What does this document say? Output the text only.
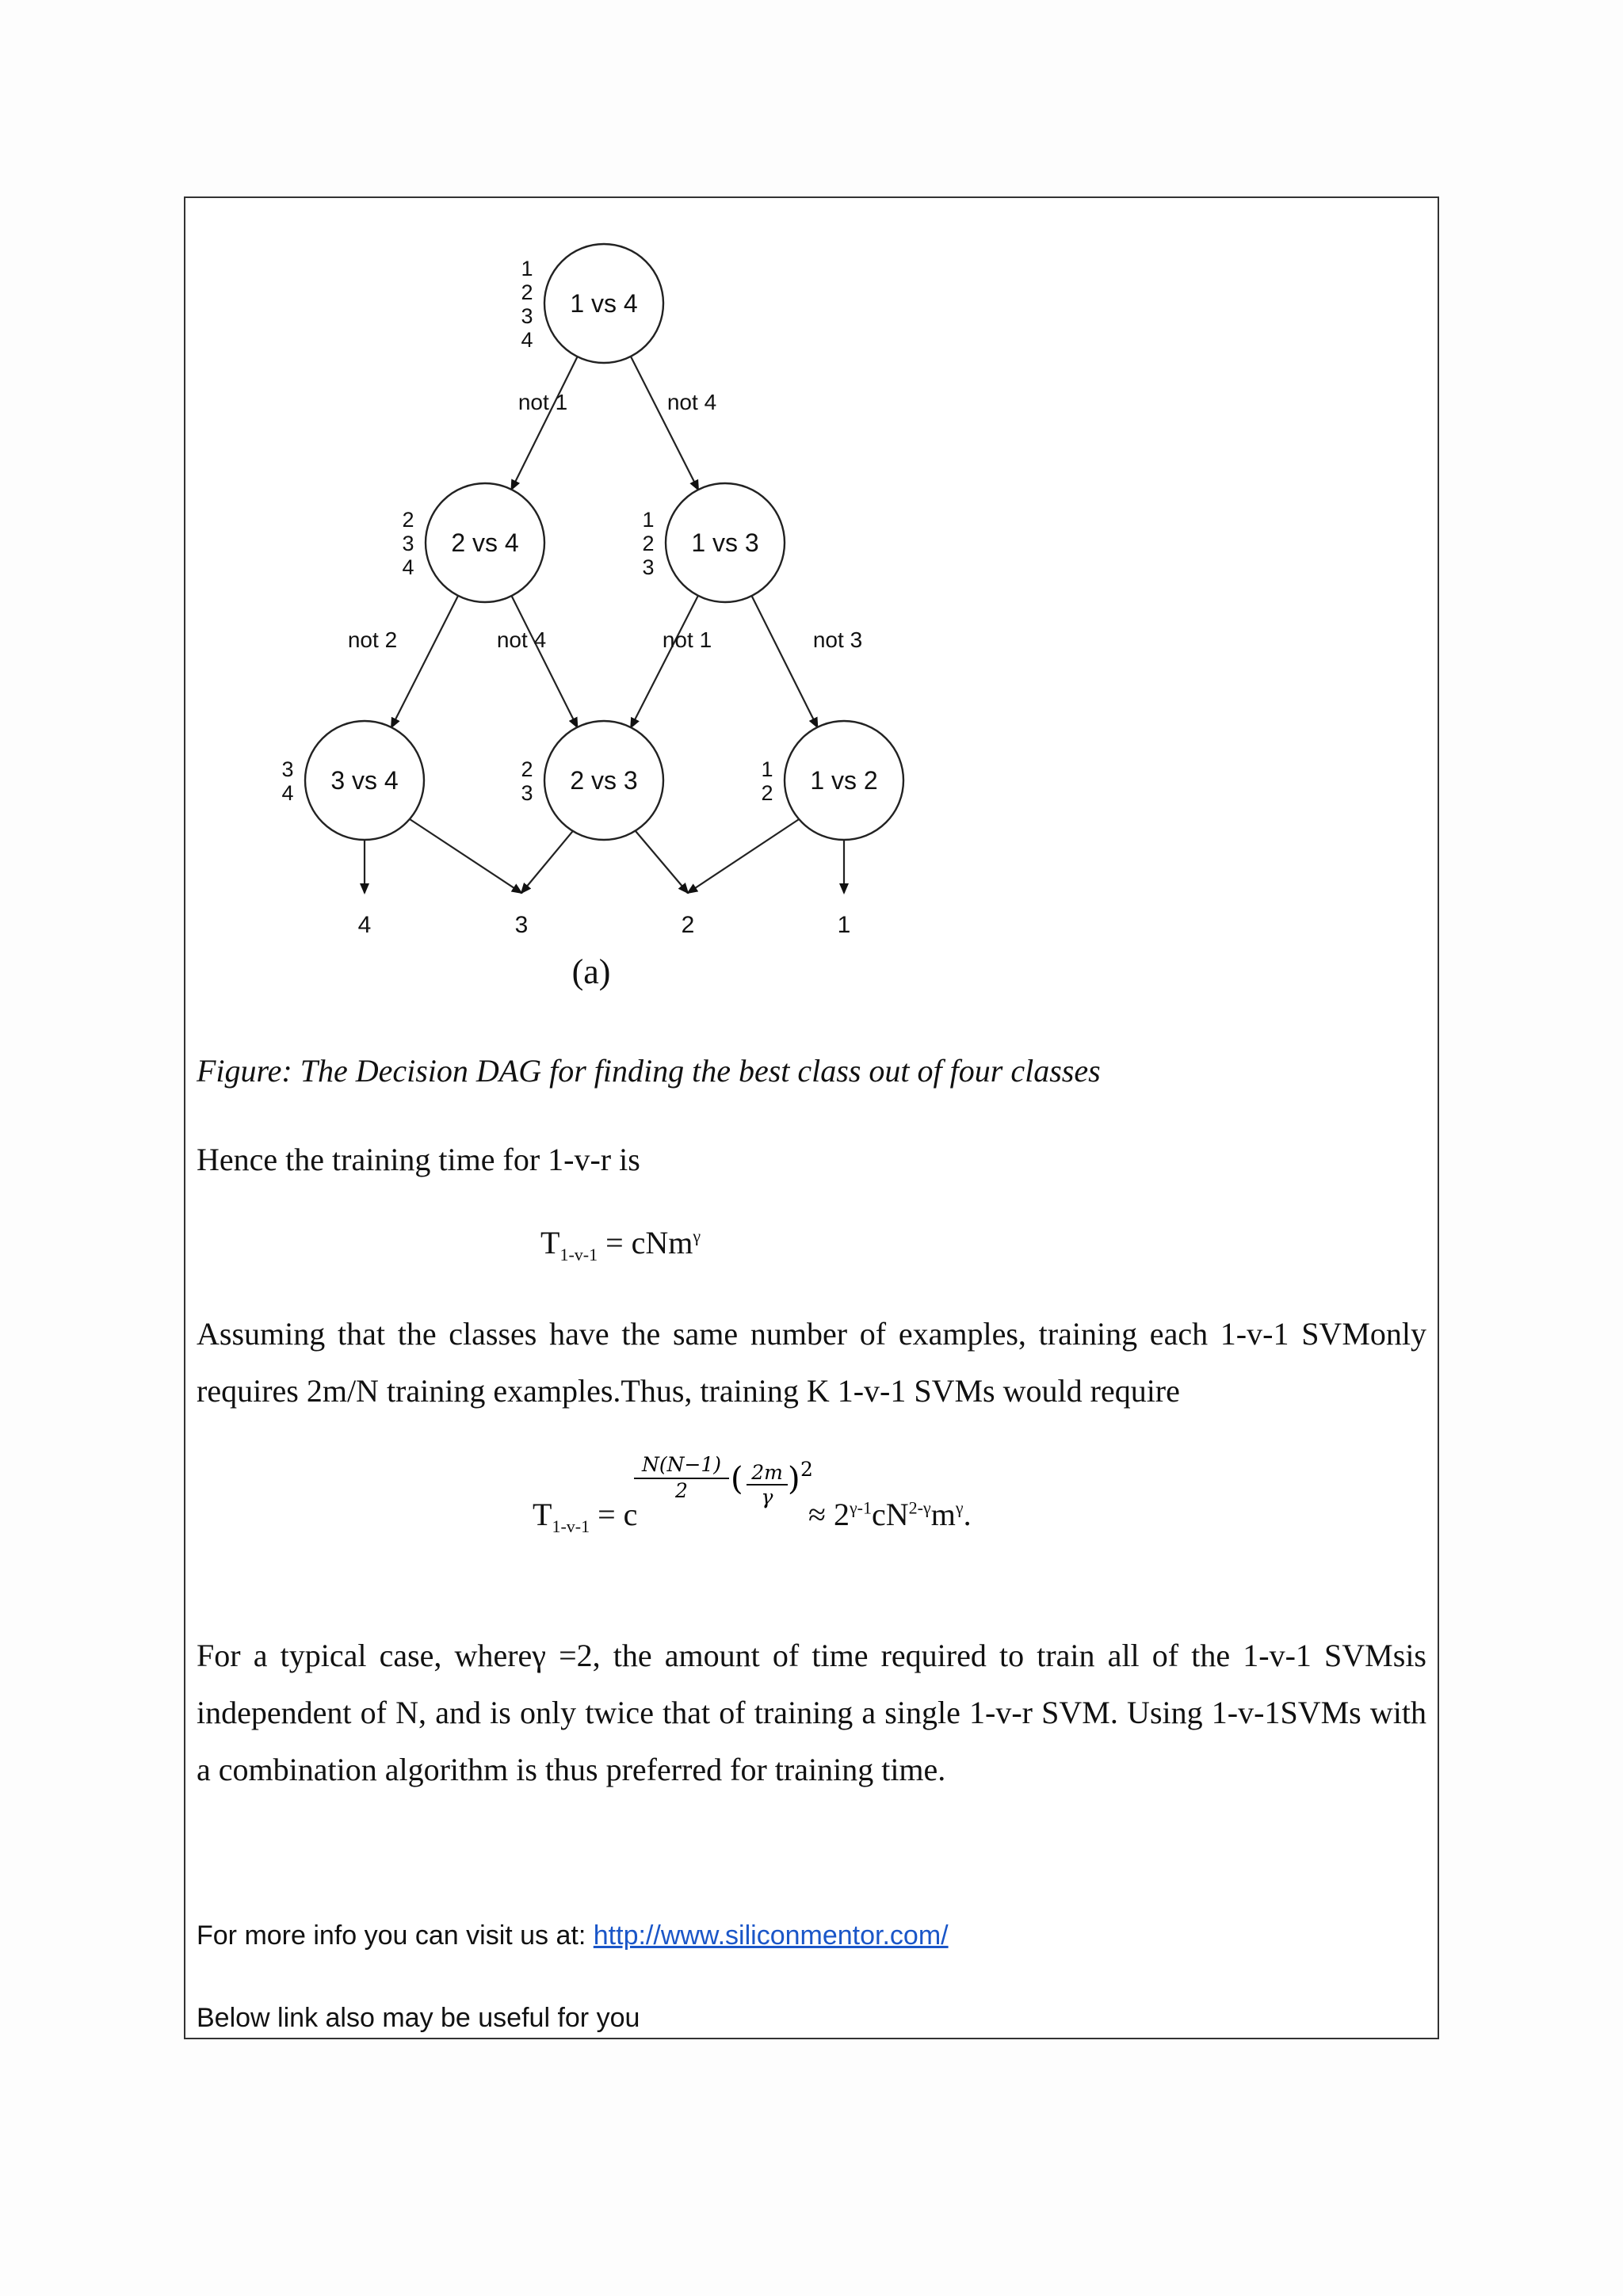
not 1	not 4
not 2	not 4	not 1	not 3
1 vs 4
1 2 3 4
2 vs 4
2 3 4
1 vs 3
1 2 3
3 vs 4
3 4	2 vs 3
2 3	1 vs 2
1 2
4	3	2	1
(a)
Figure: The Decision DAG for finding the best class out of four classes
Hence the training time for 1-v-r is
$T_{1-v-1} = cNm^\gamma$
Assuming that the classes have the same number of examples, training each 1-v-1 SVMonly requires 2m/N training examples.Thus, training K 1-v-1 SVMs would require
$T_{1-v-1} = c$
$\frac{N(N-1)}{2}$ ( $\frac{2m}{\gamma}$ ) 2
≈ $2^{\gamma-1}cN^{2-\gamma}m^\gamma$.
For a typical case, whereγ =2, the amount of time required to train all of the 1-v-1 SVMsis independent of N, and is only twice that of training a single 1-v-r SVM. Using 1-v-1SVMs with a combination algorithm is thus preferred for training time.
For more info you can visit us at: http://www.siliconmentor.com/
Below link also may be useful for you
